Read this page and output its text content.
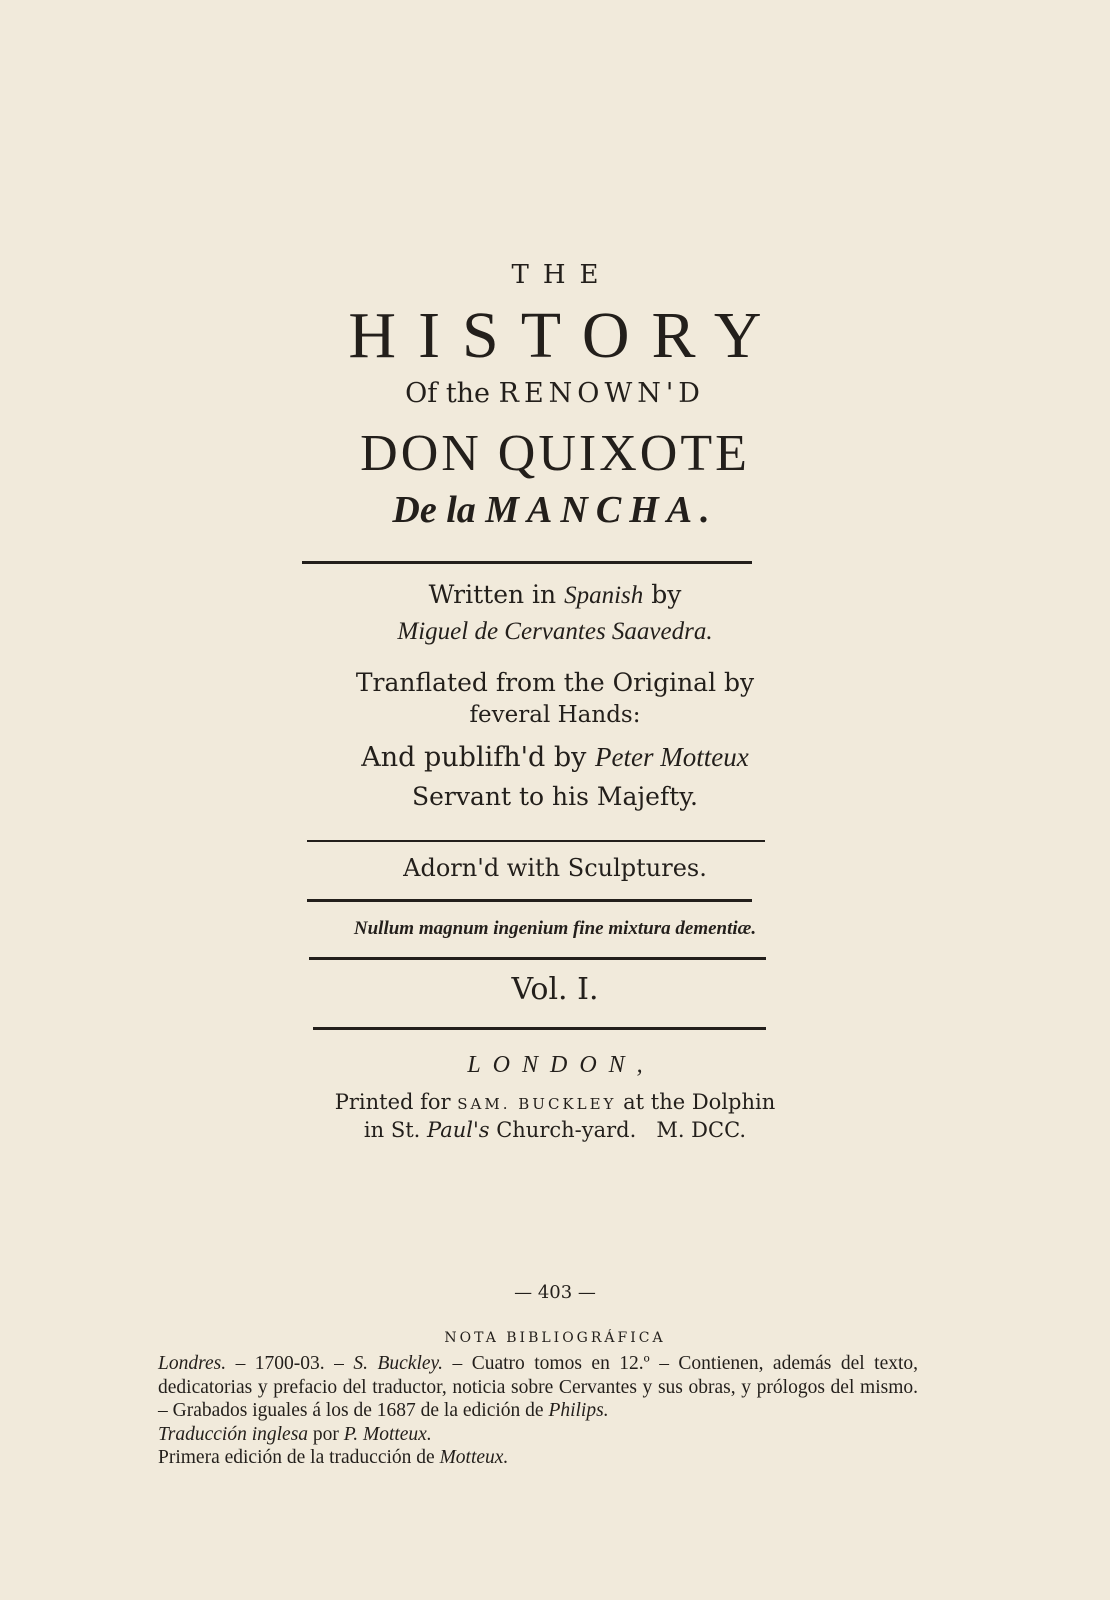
THE
HISTORY
Of the RENOWN'D
DON QUIXOTE
De la MANCHA.
Written in Spanish by
Miguel de Cervantes Saavedra.
Tranflated from the Original by
feveral Hands:
And publifh'd by Peter Motteux
Servant to his Majefty.
Adorn'd with Sculptures.
Nullum magnum ingenium fine mixtura dementiæ.
Vol. I.
LONDON,
Printed for SAM. BUCKLEY at the Dolphin
in St. Paul's Church-yard. M. DCC.
— 403 —
NOTA BIBLIOGRÁFICA

Londres. – 1700-03. – S. Buckley. – Cuatro tomos en 12.º – Contienen, además del texto, dedicatorias y prefacio del traductor, noticia sobre Cervantes y sus obras, y prólogos del mismo. – Grabados iguales á los de 1687 de la edición de Philips.

Traducción inglesa por P. Motteux.

Primera edición de la traducción de Motteux.
